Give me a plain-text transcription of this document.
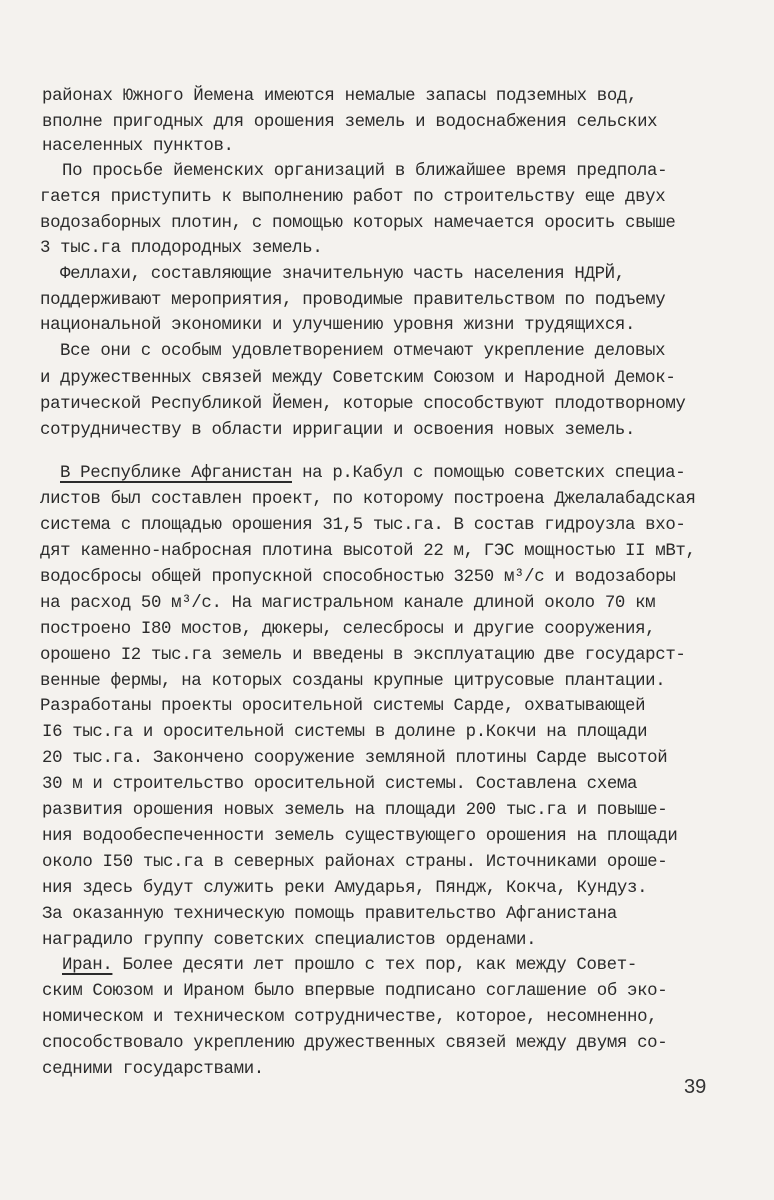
районах Южного Йемена имеются немалые запасы подземных вод,
вполне пригодных для орошения земель и водоснабжения сельских
населенных пунктов.
По просьбе йеменских организаций в ближайшее время предпола-
гается приступить к выполнению работ по строительству еще двух
водозаборных плотин, с помощью которых намечается оросить свыше
3 тыс.га плодородных земель.
Феллахи, составляющие значительную часть населения НДРЙ,
поддерживают мероприятия, проводимые правительством по подъему
национальной экономики и улучшению уровня жизни трудящихся.
Все они с особым удовлетворением отмечают укрепление деловых
и дружественных связей между Советским Союзом и Народной Демок-
ратической Республикой Йемен, которые способствуют плодотворному
сотрудничеству в области ирригации и освоения новых земель.
В Республике Афганистан на р.Кабул с помощью советских специа-
листов был составлен проект, по которому построена Джелалабадская
система с площадью орошения 31,5 тыс.га. В состав гидроузла вхо-
дят каменно-набросная плотина высотой 22 м, ГЭС мощностью II мВт,
водосбросы общей пропускной способностью 3250 м³/с и водозаборы
на расход 50 м³/с. На магистральном канале длиной около 70 км
построено I80 мостов, дюкеры, селесбросы и другие сооружения,
орошено I2 тыс.га земель и введены в эксплуатацию две государст-
венные фермы, на которых созданы крупные цитрусовые плантации.
Разработаны проекты оросительной системы Сарде, охватывающей
I6 тыс.га и оросительной системы в долине р.Кокчи на площади
20 тыс.га. Закончено сооружение земляной плотины Сарде высотой
30 м и строительство оросительной системы. Составлена схема
развития орошения новых земель на площади 200 тыс.га и повыше-
ния водообеспеченности земель существующего орошения на площади
около I50 тыс.га в северных районах страны. Источниками ороше-
ния здесь будут служить реки Амударья, Пяндж, Кокча, Кундуз.
За оказанную техническую помощь правительство Афганистана
наградило группу советских специалистов орденами.
Иран. Более десяти лет прошло с тех пор, как между Совет-
ским Союзом и Ираном было впервые подписано соглашение об эко-
номическом и техническом сотрудничестве, которое, несомненно,
способствовало укреплению дружественных связей между двумя со-
седними государствами.
39
